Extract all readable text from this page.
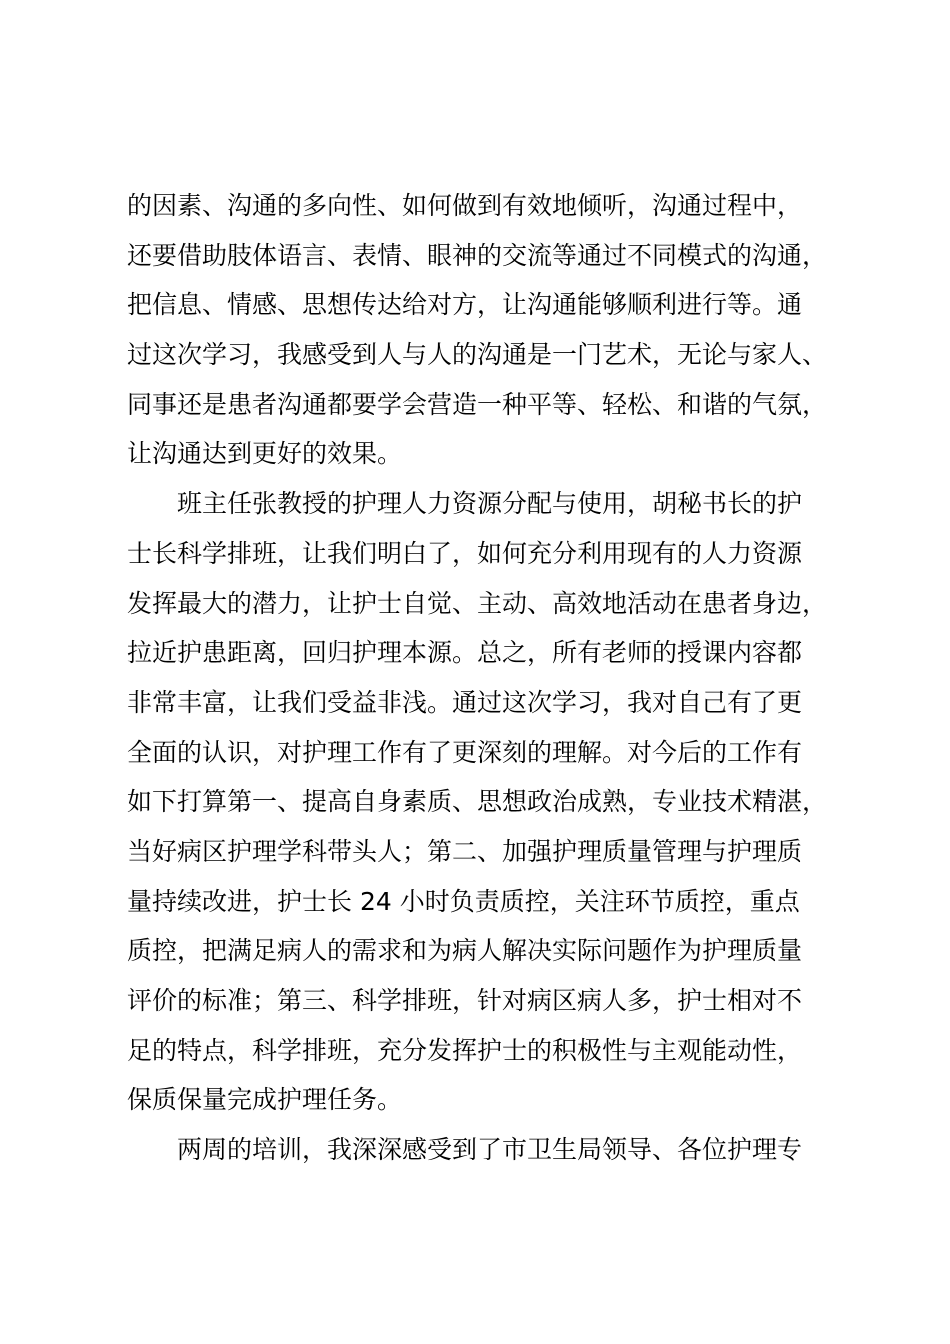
的因素、沟通的多向性、如何做到有效地倾听，沟通过程中，
还要借助肢体语言、表情、眼神的交流等通过不同模式的沟通，
把信息、情感、思想传达给对方，让沟通能够顺利进行等。通
过这次学习，我感受到人与人的沟通是一门艺术，无论与家人、
同事还是患者沟通都要学会营造一种平等、轻松、和谐的气氛，
让沟通达到更好的效果。
班主任张教授的护理人力资源分配与使用，胡秘书长的护
士长科学排班，让我们明白了，如何充分利用现有的人力资源
发挥最大的潜力，让护士自觉、主动、高效地活动在患者身边，
拉近护患距离，回归护理本源。总之，所有老师的授课内容都
非常丰富，让我们受益非浅。通过这次学习，我对自己有了更
全面的认识，对护理工作有了更深刻的理解。对今后的工作有
如下打算第一、提高自身素质、思想政治成熟，专业技术精湛，
当好病区护理学科带头人；第二、加强护理质量管理与护理质
量持续改进，护士长 24 小时负责质控，关注环节质控，重点
质控，把满足病人的需求和为病人解决实际问题作为护理质量
评价的标准；第三、科学排班，针对病区病人多，护士相对不
足的特点，科学排班，充分发挥护士的积极性与主观能动性，
保质保量完成护理任务。
两周的培训，我深深感受到了市卫生局领导、各位护理专
